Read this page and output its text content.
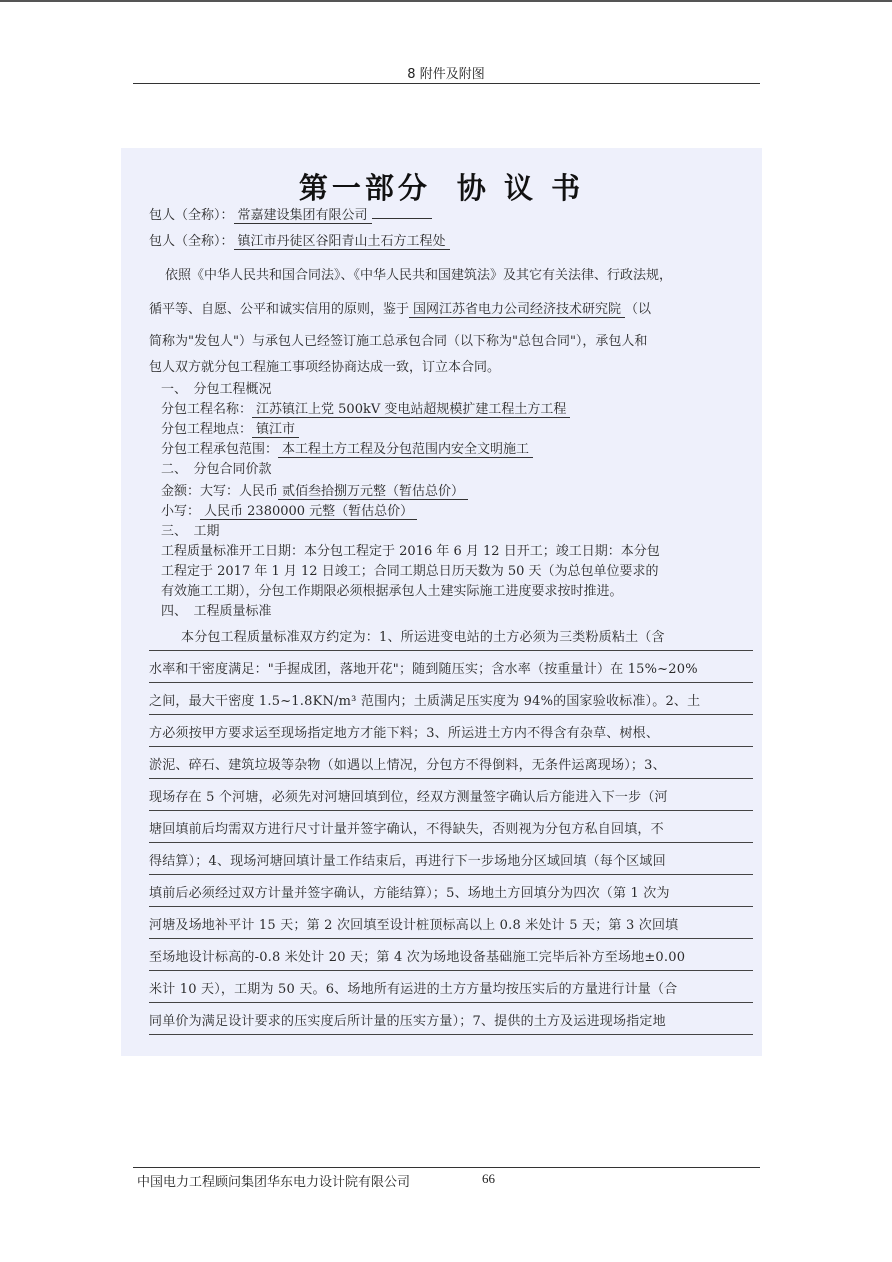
8 附件及附图
第一部分 协 议 书
包人（全称）： 常嘉建设集团有限公司
包人（全称）： 镇江市丹徒区谷阳青山土石方工程处
依照《中华人民共和国合同法》、《中华人民共和国建筑法》及其它有关法律、行政法规，
循平等、自愿、公平和诚实信用的原则，鉴于 国网江苏省电力公司经济技术研究院 （以
简称为"发包人"）与承包人已经签订施工总承包合同（以下称为"总包合同"），承包人和
包人双方就分包工程施工事项经协商达成一致，订立本合同。
一、　分包工程概况
分包工程名称： 江苏镇江上党 500kV 变电站超规模扩建工程土方工程
分包工程地点： 镇江市
分包工程承包范围： 本工程土方工程及分包范围内安全文明施工
二、　分包合同价款
金额：大写：人民币 贰佰叁拾捌万元整（暂估总价）
小写： 人民币 2380000 元整（暂估总价）
三、　工期
工程质量标准开工日期：本分包工程定于 2016 年 6 月 12 日开工；竣工日期：本分包
工程定于 2017 年 1 月 12 日竣工；合同工期总日历天数为 50 天（为总包单位要求的
有效施工工期），分包工作期限必须根据承包人土建实际施工进度要求按时推进。
四、　工程质量标准
本分包工程质量标准双方约定为：1、所运进变电站的土方必须为三类粉质粘土（含
水率和干密度满足："手握成团，落地开花"；随到随压实；含水率（按重量计）在 15%~20%
之间，最大干密度 1.5~1.8KN/m³ 范围内；土质满足压实度为 94%的国家验收标准）。2、土
方必须按甲方要求运至现场指定地方才能下料；3、所运进土方内不得含有杂草、树根、
淤泥、碎石、建筑垃圾等杂物（如遇以上情况，分包方不得倒料，无条件运离现场）；3、
现场存在 5 个河塘，必须先对河塘回填到位，经双方测量签字确认后方能进入下一步（河
塘回填前后均需双方进行尺寸计量并签字确认，不得缺失，否则视为分包方私自回填，不
得结算）；4、现场河塘回填计量工作结束后，再进行下一步场地分区域回填（每个区域回
填前后必须经过双方计量并签字确认，方能结算）；5、场地土方回填分为四次（第 1 次为
河塘及场地补平计 15 天；第 2 次回填至设计桩顶标高以上 0.8 米处计 5 天；第 3 次回填
至场地设计标高的-0.8 米处计 20 天；第 4 次为场地设备基础施工完毕后补方至场地±0.00
米计 10 天），工期为 50 天。6、场地所有运进的土方方量均按压实后的方量进行计量（合
同单价为满足设计要求的压实度后所计量的压实方量）；7、提供的土方及运进现场指定地
中国电力工程顾问集团华东电力设计院有限公司	66
